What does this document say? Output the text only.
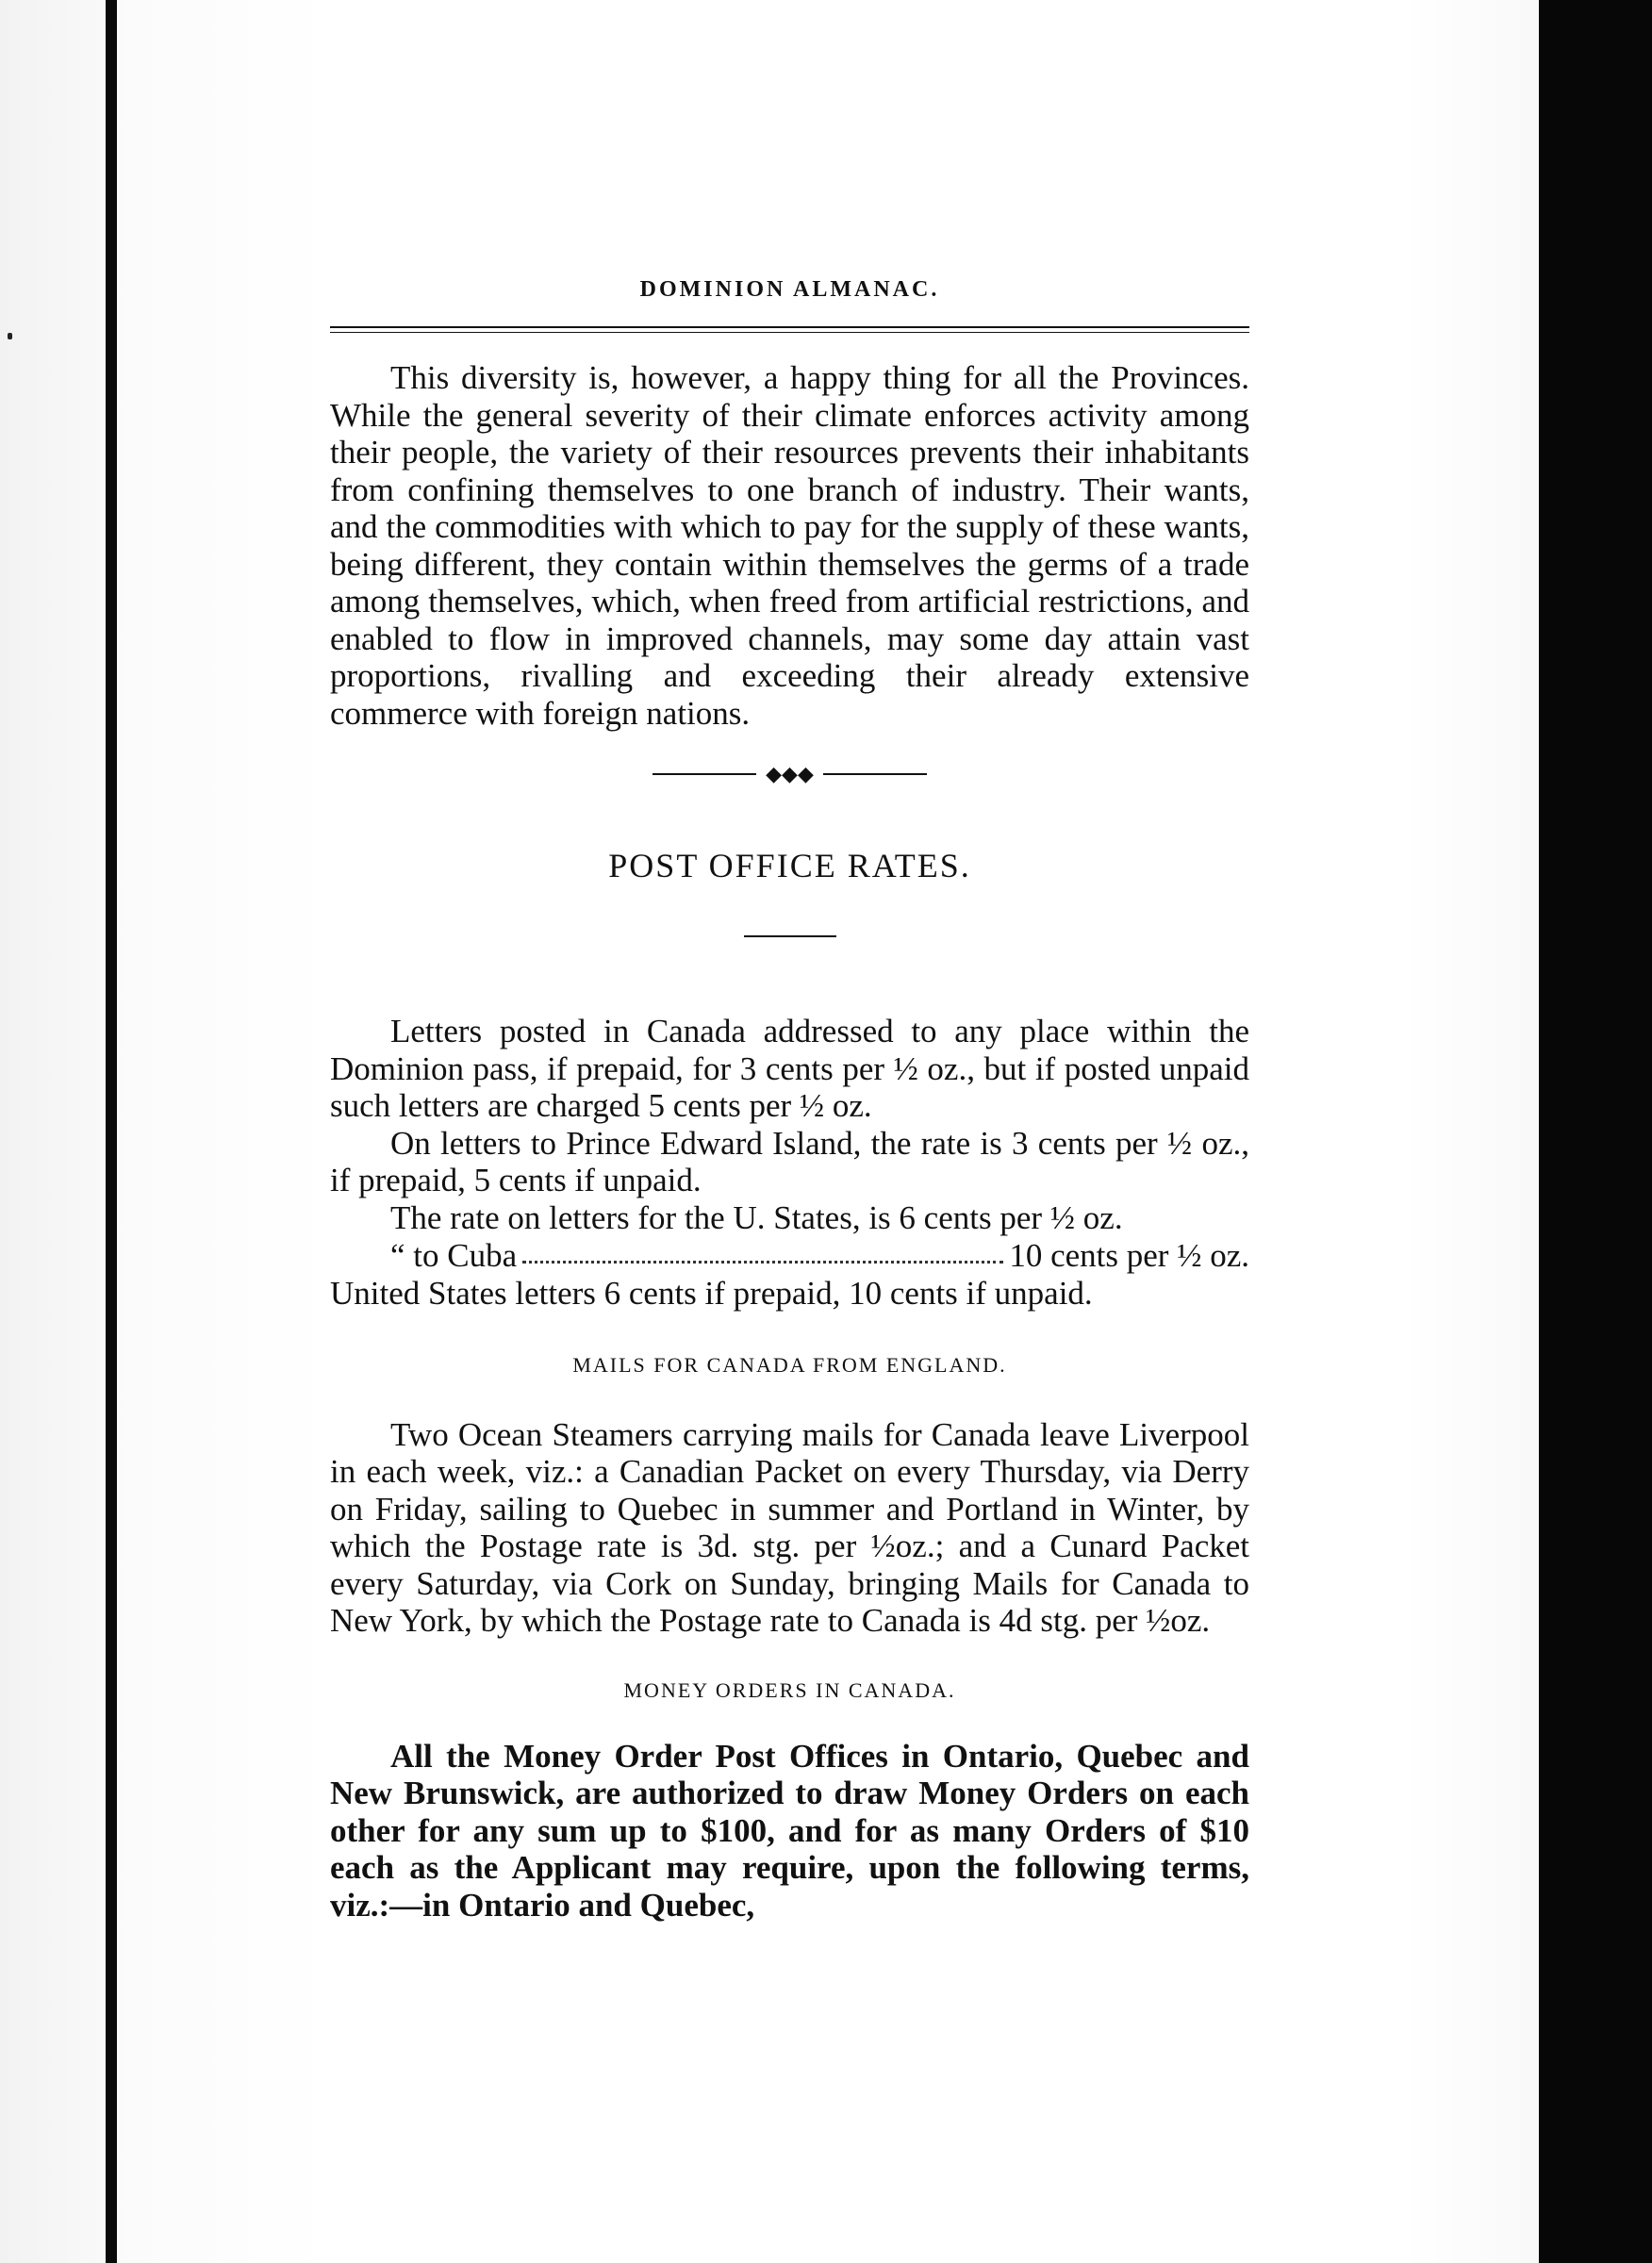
DOMINION ALMANAC.

This diversity is, however, a happy thing for all the Provinces. While the general severity of their climate enforces activity among their people, the variety of their resources prevents their inhabitants from confining themselves to one branch of industry. Their wants, and the commodities with which to pay for the supply of these wants, being different, they contain within themselves the germs of a trade among themselves, which, when freed from artificial restrictions, and enabled to flow in improved channels, may some day attain vast proportions, rivalling and exceeding their already extensive commerce with foreign nations.

◆◆◆
POST OFFICE RATES.

Letters posted in Canada addressed to any place within the Dominion pass, if prepaid, for 3 cents per ½ oz., but if posted unpaid such letters are charged 5 cents per ½ oz.

On letters to Prince Edward Island, the rate is 3 cents per ½ oz., if prepaid, 5 cents if unpaid.

The rate on letters for the U. States, is 6 cents per ½ oz.

“ to Cuba	10 cents per ½ oz.

United States letters 6 cents if prepaid, 10 cents if unpaid.

MAILS FOR CANADA FROM ENGLAND.

Two Ocean Steamers carrying mails for Canada leave Liverpool in each week, viz.: a Canadian Packet on every Thursday, via Derry on Friday, sailing to Quebec in summer and Portland in Winter, by which the Postage rate is 3d. stg. per ½oz.; and a Cunard Packet every Saturday, via Cork on Sunday, bringing Mails for Canada to New York, by which the Postage rate to Canada is 4d stg. per ½oz.

MONEY ORDERS IN CANADA.

All the Money Order Post Offices in Ontario, Quebec and New Brunswick, are authorized to draw Money Orders on each other for any sum up to $100, and for as many Orders of $10 each as the Applicant may require, upon the following terms, viz.:—in Ontario and Quebec,
